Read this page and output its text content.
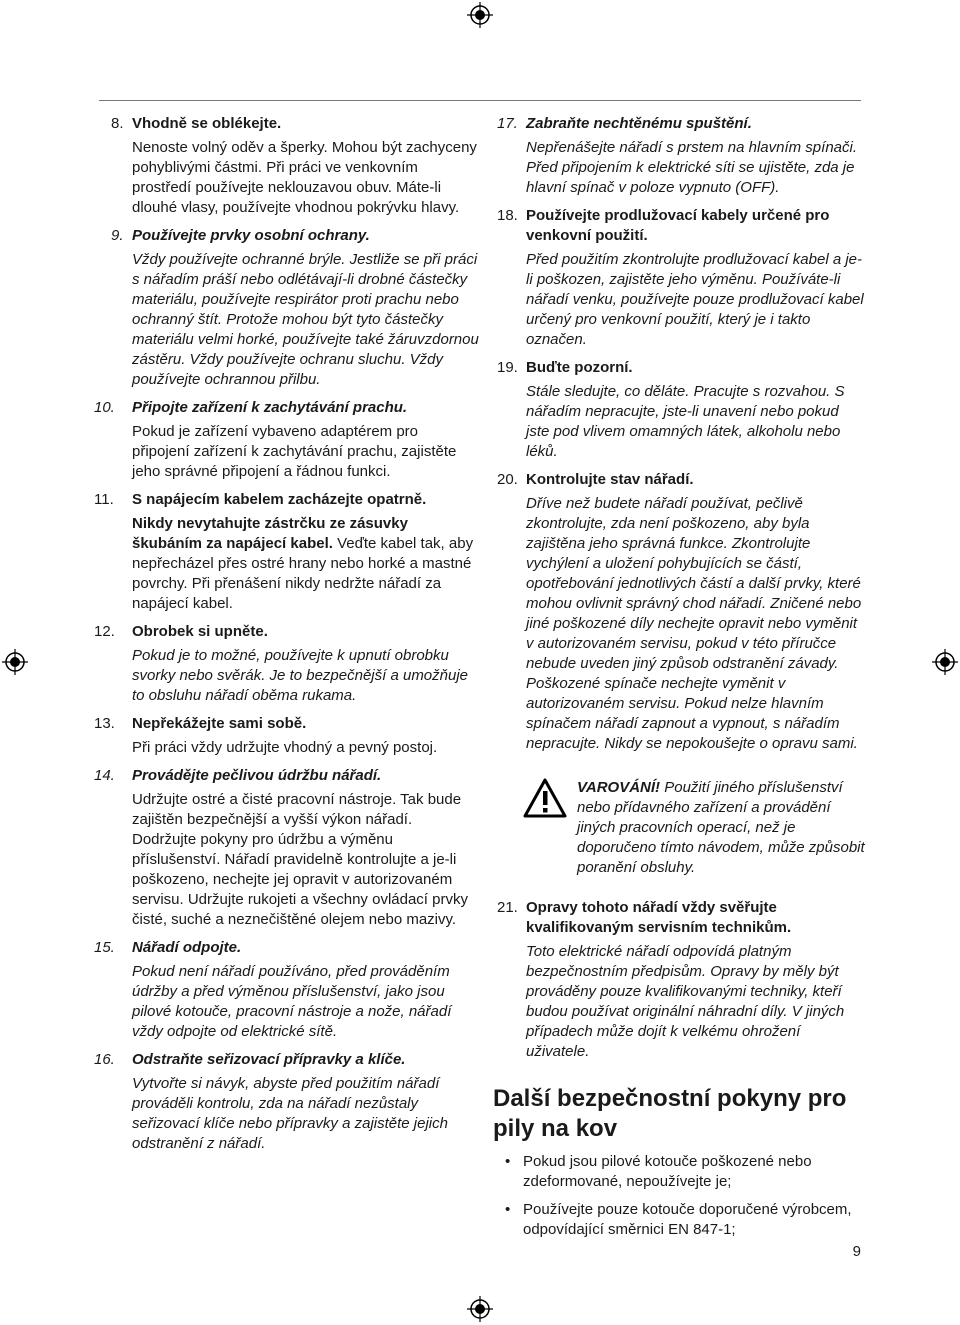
8. Vhodně se oblékejte.

Nenoste volný oděv a šperky. Mohou být zachyceny pohyblivými částmi. Při práci ve venkovním prostředí používejte neklouzavou obuv. Máte-li dlouhé vlasy, používejte vhodnou pokrývku hlavy.

9. Používejte prvky osobní ochrany.

Vždy používejte ochranné brýle. Jestliže se při práci s nářadím práší nebo odlétávají-li drobné částečky materiálu, používejte respirátor proti prachu nebo ochranný štít. Protože mohou být tyto částečky materiálu velmi horké, používejte také žáruvzdornou zástěru. Vždy používejte ochranu sluchu. Vždy používejte ochrannou přilbu.

10. Připojte zařízení k zachytávání prachu.

Pokud je zařízení vybaveno adaptérem pro připojení zařízení k zachytávání prachu, zajistěte jeho správné připojení a řádnou funkci.

11. S napájecím kabelem zacházejte opatrně.

Nikdy nevytahujte zástrčku ze zásuvky škubáním za napájecí kabel. Veďte kabel tak, aby nepřecházel přes ostré hrany nebo horké a mastné povrchy. Při přenášení nikdy nedržte nářadí za napájecí kabel.

12. Obrobek si upněte.

Pokud je to možné, používejte k upnutí obrobku svorky nebo svěrák. Je to bezpečnější a umožňuje to obsluhu nářadí oběma rukama.

13. Nepřekážejte sami sobě.

Při práci vždy udržujte vhodný a pevný postoj.

14. Provádějte pečlivou údržbu nářadí.

Udržujte ostré a čisté pracovní nástroje. Tak bude zajištěn bezpečnější a vyšší výkon nářadí. Dodržujte pokyny pro údržbu a výměnu příslušenství. Nářadí pravidelně kontrolujte a je-li poškozeno, nechejte jej opravit v autorizovaném servisu. Udržujte rukojeti a všechny ovládací prvky čisté, suché a neznečištěné olejem nebo mazivy.

15. Nářadí odpojte.

Pokud není nářadí používáno, před prováděním údržby a před výměnou příslušenství, jako jsou pilové kotouče, pracovní nástroje a nože, nářadí vždy odpojte od elektrické sítě.

16. Odstraňte seřizovací přípravky a klíče.

Vytvořte si návyk, abyste před použitím nářadí prováděli kontrolu, zda na nářadí nezůstaly seřizovací klíče nebo přípravky a zajistěte jejich odstranění z nářadí.

17. Zabraňte nechtěnému spuštění.

Nepřenášejte nářadí s prstem na hlavním spínači. Před připojením k elektrické síti se ujistěte, zda je hlavní spínač v poloze vypnuto (OFF).

18. Používejte prodlužovací kabely určené pro venkovní použití.

Před použitím zkontrolujte prodlužovací kabel a je-li poškozen, zajistěte jeho výměnu. Používáte-li nářadí venku, používejte pouze prodlužovací kabel určený pro venkovní použití, který je i takto označen.

19. Buďte pozorní.

Stále sledujte, co děláte. Pracujte s rozvahou. S nářadím nepracujte, jste-li unavení nebo pokud jste pod vlivem omamných látek, alkoholu nebo léků.

20. Kontrolujte stav nářadí.

Dříve než budete nářadí používat, pečlivě zkontrolujte, zda není poškozeno, aby byla zajištěna jeho správná funkce. Zkontrolujte vychýlení a uložení pohybujících se částí, opotřebování jednotlivých částí a další prvky, které mohou ovlivnit správný chod nářadí. Zničené nebo jiné poškozené díly nechejte opravit nebo vyměnit v autorizovaném servisu, pokud v této příručce nebude uveden jiný způsob odstranění závady. Poškozené spínače nechejte vyměnit v autorizovaném servisu. Pokud nelze hlavním spínačem nářadí zapnout a vypnout, s nářadím nepracujte. Nikdy se nepokoušejte o opravu sami.

VAROVÁNÍ! Použití jiného příslušenství nebo přídavného zařízení a provádění jiných pracovních operací, než je doporučeno tímto návodem, může způsobit poranění obsluhy.
21. Opravy tohoto nářadí vždy svěřujte kvalifikovaným servisním technikům.

Toto elektrické nářadí odpovídá platným bezpečnostním předpisům. Opravy by měly být prováděny pouze kvalifikovanými techniky, kteří budou používat originální náhradní díly. V jiných případech může dojít k velkému ohrožení uživatele.

Další bezpečnostní pokyny pro pily na kov
• Pokud jsou pilové kotouče poškozené nebo zdeformované, nepoužívejte je;
• Používejte pouze kotouče doporučené výrobcem, odpovídající směrnici EN 847-1;
9
